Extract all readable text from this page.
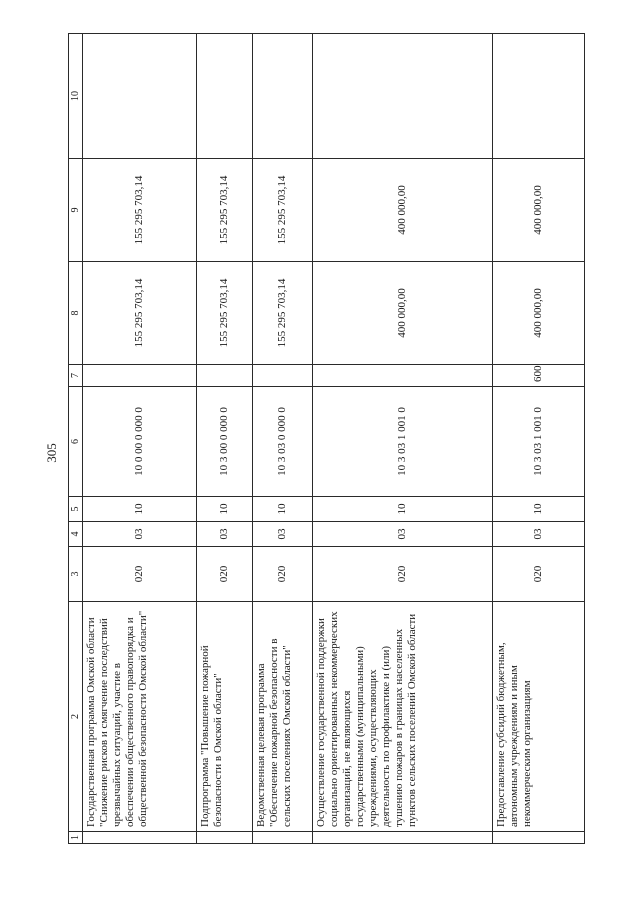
305
1	2	3	4	5	6	7	8	9	10
	Государственная программа Омской области "Снижение рисков и смягчение последствий чрезвычайных ситуаций, участие в обеспечении общественного правопорядка и общественной безопасности Омской области"	020	03	10	10 0 00 0 000 0		155 295 703,14	155 295 703,14	
	Подпрограмма "Повышение пожарной безопасности в Омской области"	020	03	10	10 3 00 0 000 0		155 295 703,14	155 295 703,14	
	Ведомственная целевая программа "Обеспечение пожарной безопасности в сельских поселениях Омской области"	020	03	10	10 3 03 0 000 0		155 295 703,14	155 295 703,14	
	Осуществление государственной поддержки социально ориентированных некоммерческих организаций, не являющихся государственными (муниципальными) учреждениями, осуществляющих деятельность по профилактике и (или) тушению пожаров в границах населенных пунктов сельских поселений Омской области	020	03	10	10 3 03 1 001 0		400 000,00	400 000,00	
	Предоставление субсидий бюджетным, автономным учреждениям и иным некоммерческим организациям	020	03	10	10 3 03 1 001 0	600	400 000,00	400 000,00	
